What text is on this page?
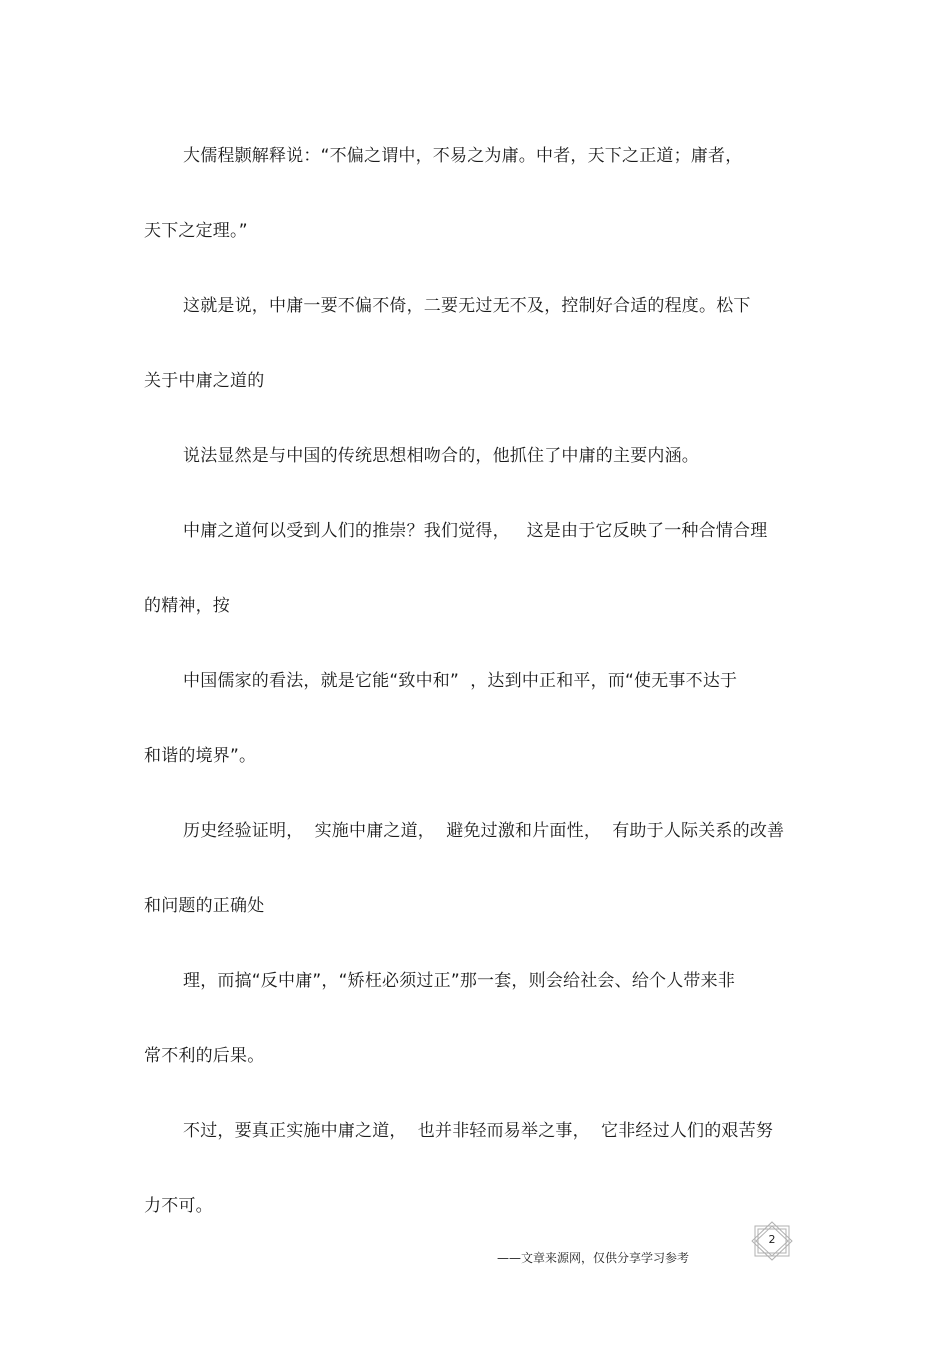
大儒程颢解释说：“不偏之谓中，不易之为庸。中者，天下之正道；庸者，
天下之定理。”
这就是说，中庸一要不偏不倚，二要无过无不及，控制好合适的程度。松下
关于中庸之道的
说法显然是与中国的传统思想相吻合的，他抓住了中庸的主要内涵。
中庸之道何以受到人们的推崇？我们觉得，   这是由于它反映了一种合情合理
的精神，按
中国儒家的看法，就是它能“致中和”  ，达到中正和平，而“使无事不达于
和谐的境界”。
历史经验证明，  实施中庸之道，  避免过激和片面性，  有助于人际关系的改善
和问题的正确处
理，而搞“反中庸”，“矫枉必须过正”那一套，则会给社会、给个人带来非
常不利的后果。
不过，要真正实施中庸之道，  也并非轻而易举之事，  它非经过人们的艰苦努
力不可。
2
——文章来源网，仅供分享学习参考
